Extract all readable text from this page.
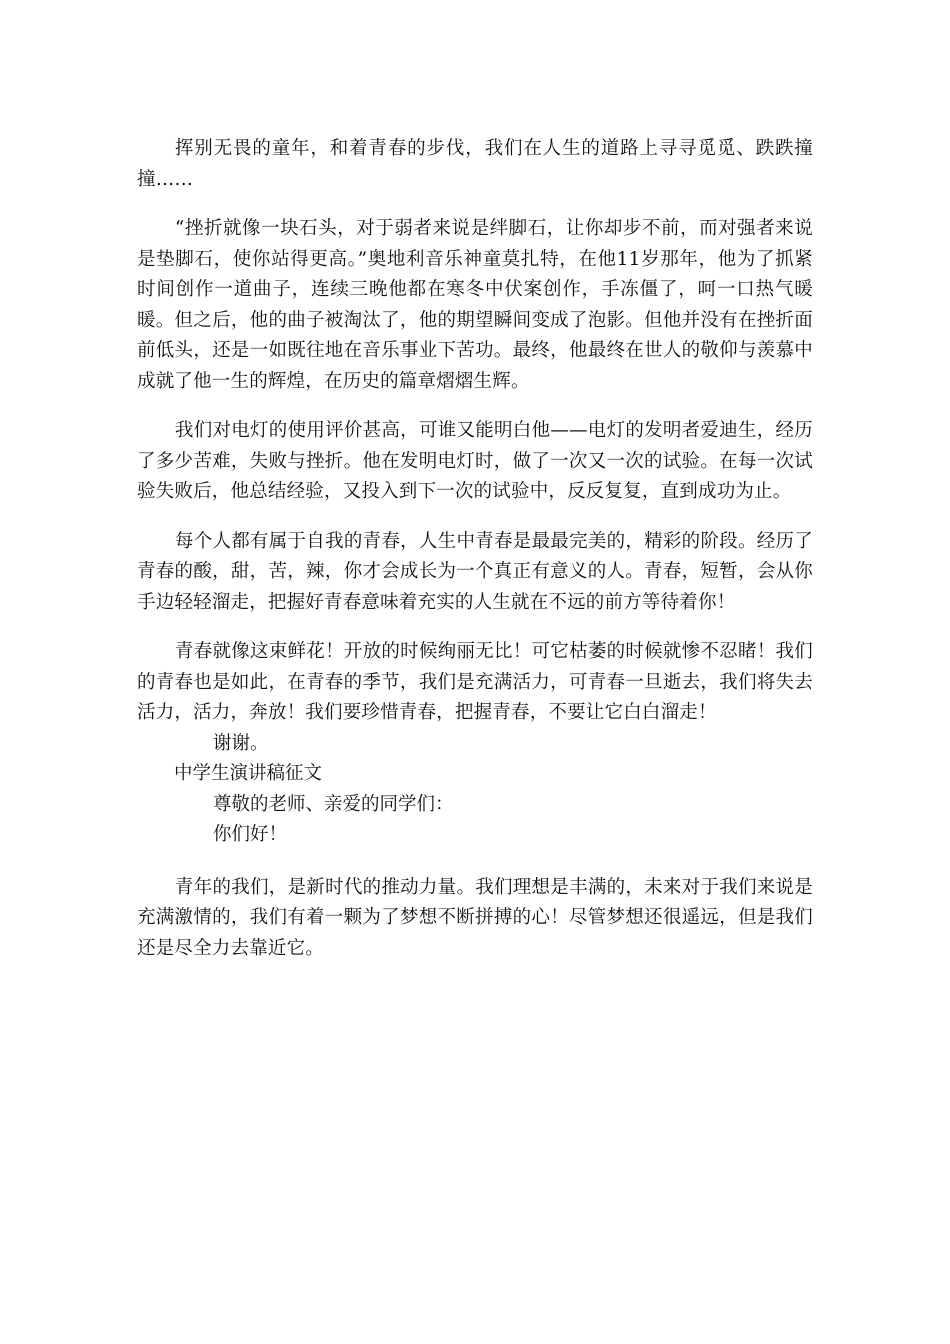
挥别无畏的童年，和着青春的步伐，我们在人生的道路上寻寻觅觅、跌跌撞撞……

“挫折就像一块石头，对于弱者来说是绊脚石，让你却步不前，而对强者来说是垫脚石，使你站得更高。”奥地利音乐神童莫扎特，在他11岁那年，他为了抓紧时间创作一道曲子，连续三晚他都在寒冬中伏案创作，手冻僵了，呵一口热气暖暖。但之后，他的曲子被淘汰了，他的期望瞬间变成了泡影。但他并没有在挫折面前低头，还是一如既往地在音乐事业下苦功。最终，他最终在世人的敬仰与羡慕中成就了他一生的辉煌，在历史的篇章熠熠生辉。

我们对电灯的使用评价甚高，可谁又能明白他——电灯的发明者爱迪生，经历了多少苦难，失败与挫折。他在发明电灯时，做了一次又一次的试验。在每一次试验失败后，他总结经验，又投入到下一次的试验中，反反复复，直到成功为止。

每个人都有属于自我的青春，人生中青春是最最完美的，精彩的阶段。经历了青春的酸，甜，苦，辣，你才会成长为一个真正有意义的人。青春，短暂，会从你手边轻轻溜走，把握好青春意味着充实的人生就在不远的前方等待着你！

青春就像这束鲜花！开放的时候绚丽无比！可它枯萎的时候就惨不忍睹！我们的青春也是如此，在青春的季节，我们是充满活力，可青春一旦逝去，我们将失去活力，活力，奔放！我们要珍惜青春，把握青春，不要让它白白溜走！

谢谢。

中学生演讲稿征文

尊敬的老师、亲爱的同学们：

你们好！

青年的我们，是新时代的推动力量。我们理想是丰满的，未来对于我们来说是充满激情的，我们有着一颗为了梦想不断拼搏的心！尽管梦想还很遥远，但是我们还是尽全力去靠近它。
